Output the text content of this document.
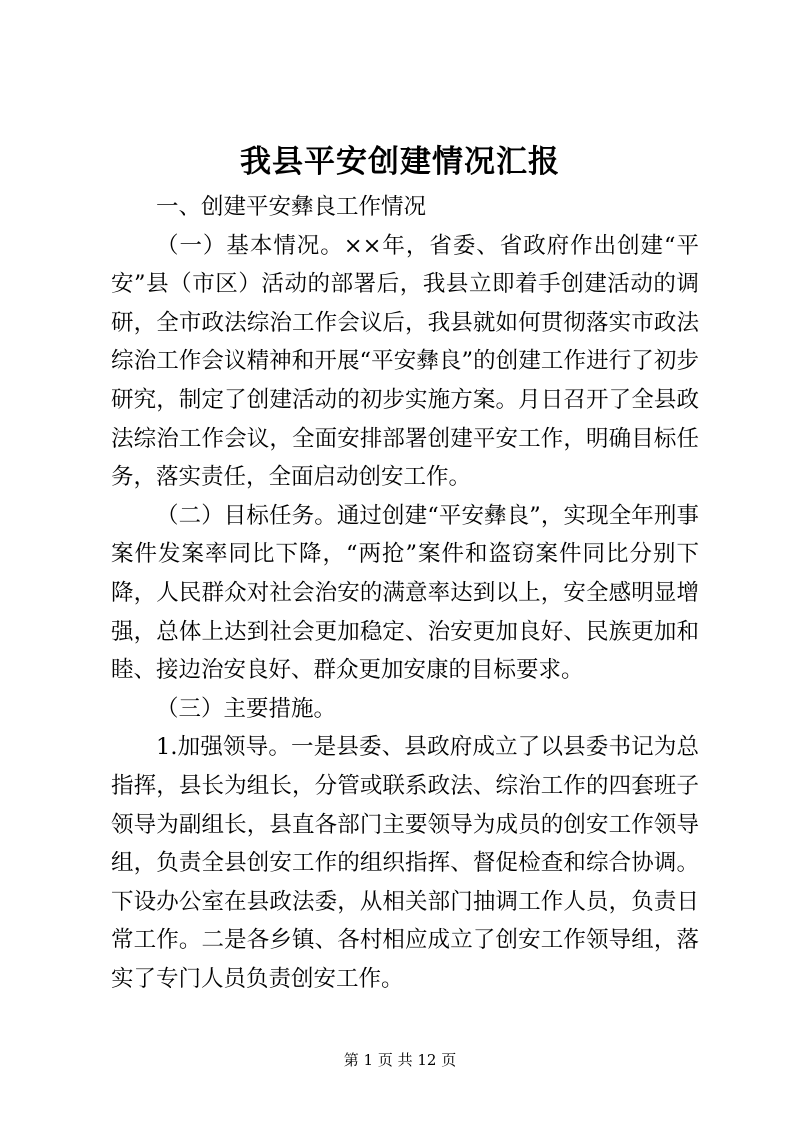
我县平安创建情况汇报

一、创建平安彝良工作情况

（一）基本情况。××年，省委、省政府作出创建“平安”县（市区）活动的部署后，我县立即着手创建活动的调研，全市政法综治工作会议后，我县就如何贯彻落实市政法综治工作会议精神和开展“平安彝良”的创建工作进行了初步研究，制定了创建活动的初步实施方案。月日召开了全县政法综治工作会议，全面安排部署创建平安工作，明确目标任务，落实责任，全面启动创安工作。

（二）目标任务。通过创建“平安彝良”，实现全年刑事案件发案率同比下降，“两抢”案件和盗窃案件同比分别下降，人民群众对社会治安的满意率达到以上，安全感明显增强，总体上达到社会更加稳定、治安更加良好、民族更加和睦、接边治安良好、群众更加安康的目标要求。

（三）主要措施。

1.加强领导。一是县委、县政府成立了以县委书记为总指挥，县长为组长，分管或联系政法、综治工作的四套班子领导为副组长，县直各部门主要领导为成员的创安工作领导组，负责全县创安工作的组织指挥、督促检查和综合协调。下设办公室在县政法委，从相关部门抽调工作人员，负责日常工作。二是各乡镇、各村相应成立了创安工作领导组，落实了专门人员负责创安工作。

第 1 页 共 12 页
